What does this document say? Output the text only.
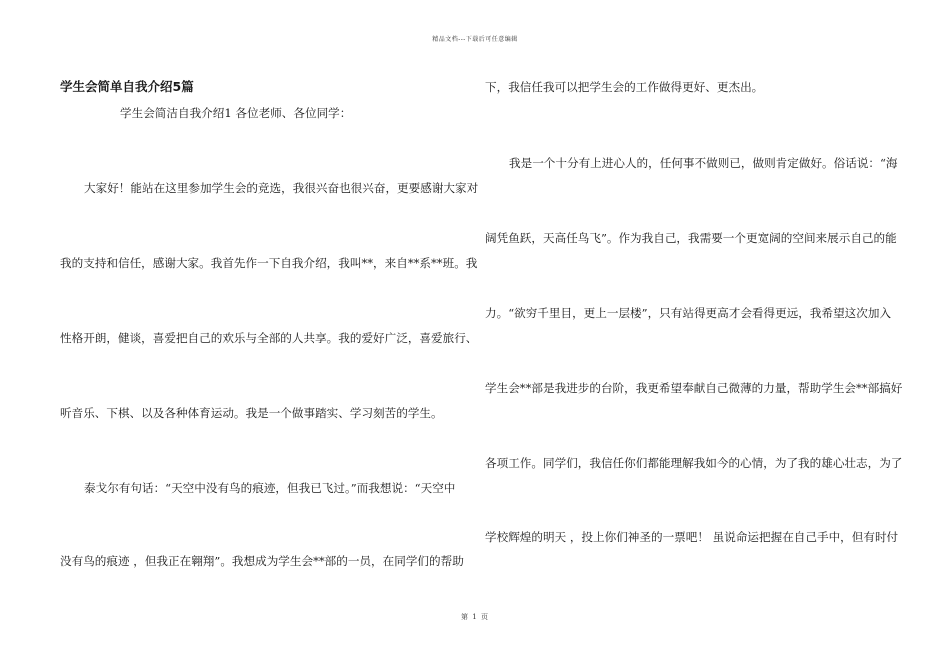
精品文档---下载后可任意编辑
学生会简单自我介绍5篇
学生会简洁自我介绍1 各位老师、各位同学：
大家好！能站在这里参加学生会的竞选，我很兴奋也很兴奋，更要感谢大家对
我的支持和信任，感谢大家。我首先作一下自我介绍，我叫**，来自**系**班。我
性格开朗，健谈，喜爱把自己的欢乐与全部的人共享。我的爱好广泛，喜爱旅行、
听音乐、下棋、以及各种体育运动。我是一个做事踏实、学习刻苦的学生。
泰戈尔有句话：“天空中没有鸟的痕迹，但我已飞过。”而我想说：“天空中
没有鸟的痕迹 ，但我正在翱翔”。我想成为学生会**部的一员，在同学们的帮助
下，我信任我可以把学生会的工作做得更好、更杰出。
我是一个十分有上进心人的，任何事不做则已，做则肯定做好。俗话说：“海
阔凭鱼跃，天高任鸟飞”。作为我自己，我需要一个更宽阔的空间来展示自己的能
力。“欲穷千里目，更上一层楼”，只有站得更高才会看得更远，我希望这次加入
学生会**部是我进步的台阶，我更希望奉献自己微薄的力量，帮助学生会**部搞好
各项工作。同学们，我信任你们都能理解我如今的心情，为了我的雄心壮志，为了
学校辉煌的明天 ，投上你们神圣的一票吧！ 虽说命运把握在自己手中，但有时付
第 1 页
